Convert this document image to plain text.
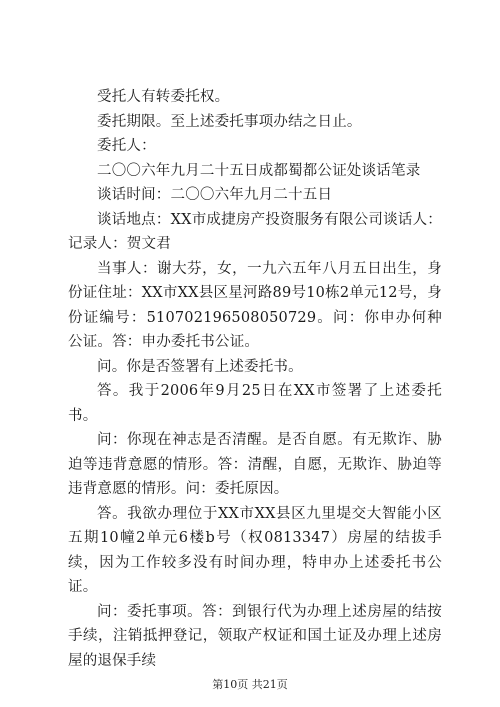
受托人有转委托权。

委托期限。至上述委托事项办结之日止。

委托人：

二〇〇六年九月二十五日成都蜀都公证处谈话笔录

谈话时间：二〇〇六年九月二十五日

谈话地点：XX市成捷房产投资服务有限公司谈话人：记录人：贺文君

当事人：谢大芬，女，一九六五年八月五日出生，身份证住址：XX市XX县区星河路89号10栋2单元12号，身份证编号：510702196508050729。问：你申办何种公证。答：申办委托书公证。

问。你是否签署有上述委托书。

答。我于2006年9月25日在XX市签署了上述委托书。

问：你现在神志是否清醒。是否自愿。有无欺诈、胁迫等违背意愿的情形。答：清醒，自愿，无欺诈、胁迫等违背意愿的情形。问：委托原因。

答。我欲办理位于XX市XX县区九里堤交大智能小区五期10幢2单元6楼b号（权0813347）房屋的结拔手续，因为工作较多没有时间办理，特申办上述委托书公证。

问：委托事项。答：到银行代为办理上述房屋的结按手续，注销抵押登记，领取产权证和国土证及办理上述房屋的退保手续

第10页 共21页
